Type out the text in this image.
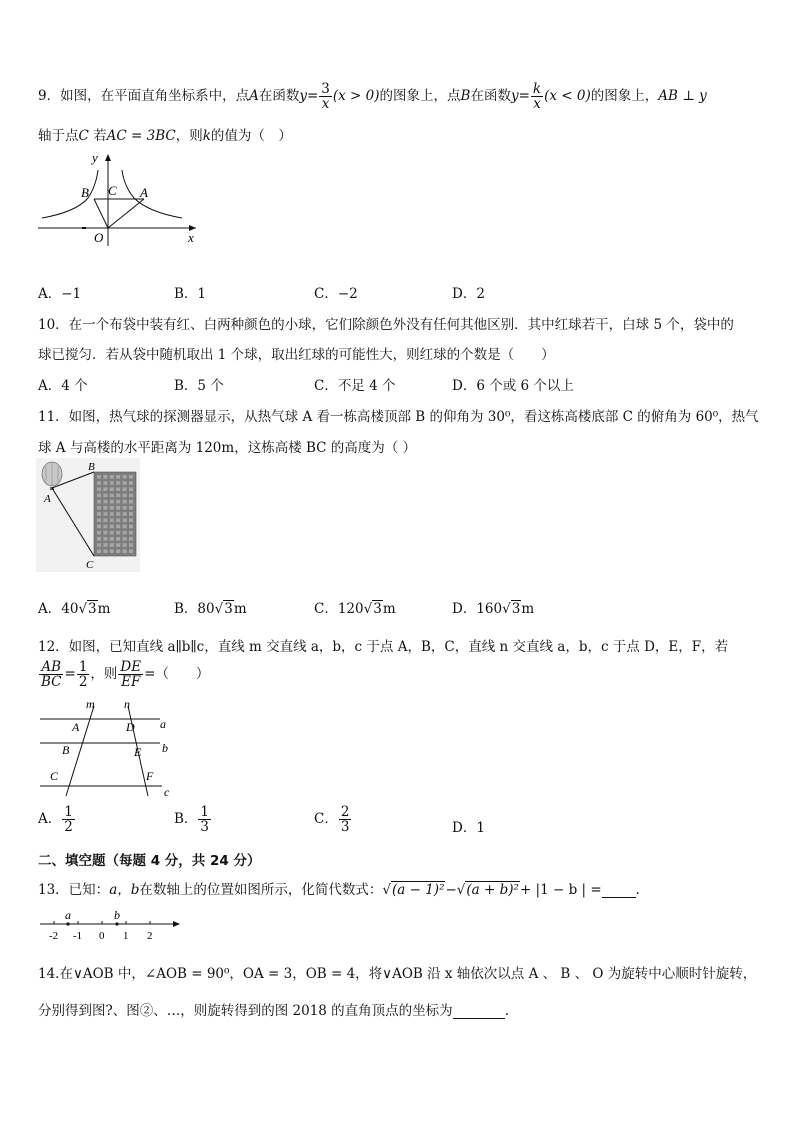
9．如图，在平面直角坐标系中，点A在函数$y= \frac{3}{x} (x > 0)$的图象上，点B在函数$y= \frac{k}{x} (x < 0)$的图象上，AB ⊥ y
轴于点C 若AC = 3BC，则k的值为（　）
y
x
O
A
B C
A．−1	B．1	C．−2	D．2
10．在一个布袋中装有红、白两种颜色的小球，它们除颜色外没有任何其他区别．其中红球若干，白球 5 个，袋中的
球已搅匀．若从袋中随机取出 1 个球，取出红球的可能性大，则红球的个数是（　　）
A．4 个	B．5 个	C．不足 4 个	D．6 个或 6 个以上
11．如图，热气球的探测器显示，从热气球 A 看一栋高楼顶部 B 的仰角为 30⁰，看这栋高楼底部 C 的俯角为 60⁰，热气
球 A 与高楼的水平距离为 120m，这栋高楼 BC 的高度为（ ）
B
A
C
A．40√3m	B．80√3m	C．120√3m	D．160√3m
12．如图，已知直线 a∥b∥c，直线 m 交直线 a，b，c 于点 A，B，C，直线 n 交直线 a，b，c 于点 D，E，F，若
$\frac{AB}{BC} = \frac{1}{2}$ ，则 $\frac{DE}{EF}$ =（　　）
m n
a
b
c
A
B
C
D
E
F
A． $\frac{1}{2}$	B． $\frac{1}{3}$	C． $\frac{2}{3}$	D．1
二、填空题（每题 4 分，共 24 分）
13．已知：a，b在数轴上的位置如图所示，化简代数式：√(a − 1)²−√(a + b)²+ |1 − b | =	．
a	b
-2 -1 0 1 2
14.在∨AOB 中，∠AOB = 90⁰，OA = 3，OB = 4，将∨AOB 沿 x 轴依次以点 A 、 B 、 O 为旋转中心顺时针旋转，
分别得到图?、图②、…，则旋转得到的图 2018 的直角顶点的坐标为	.
